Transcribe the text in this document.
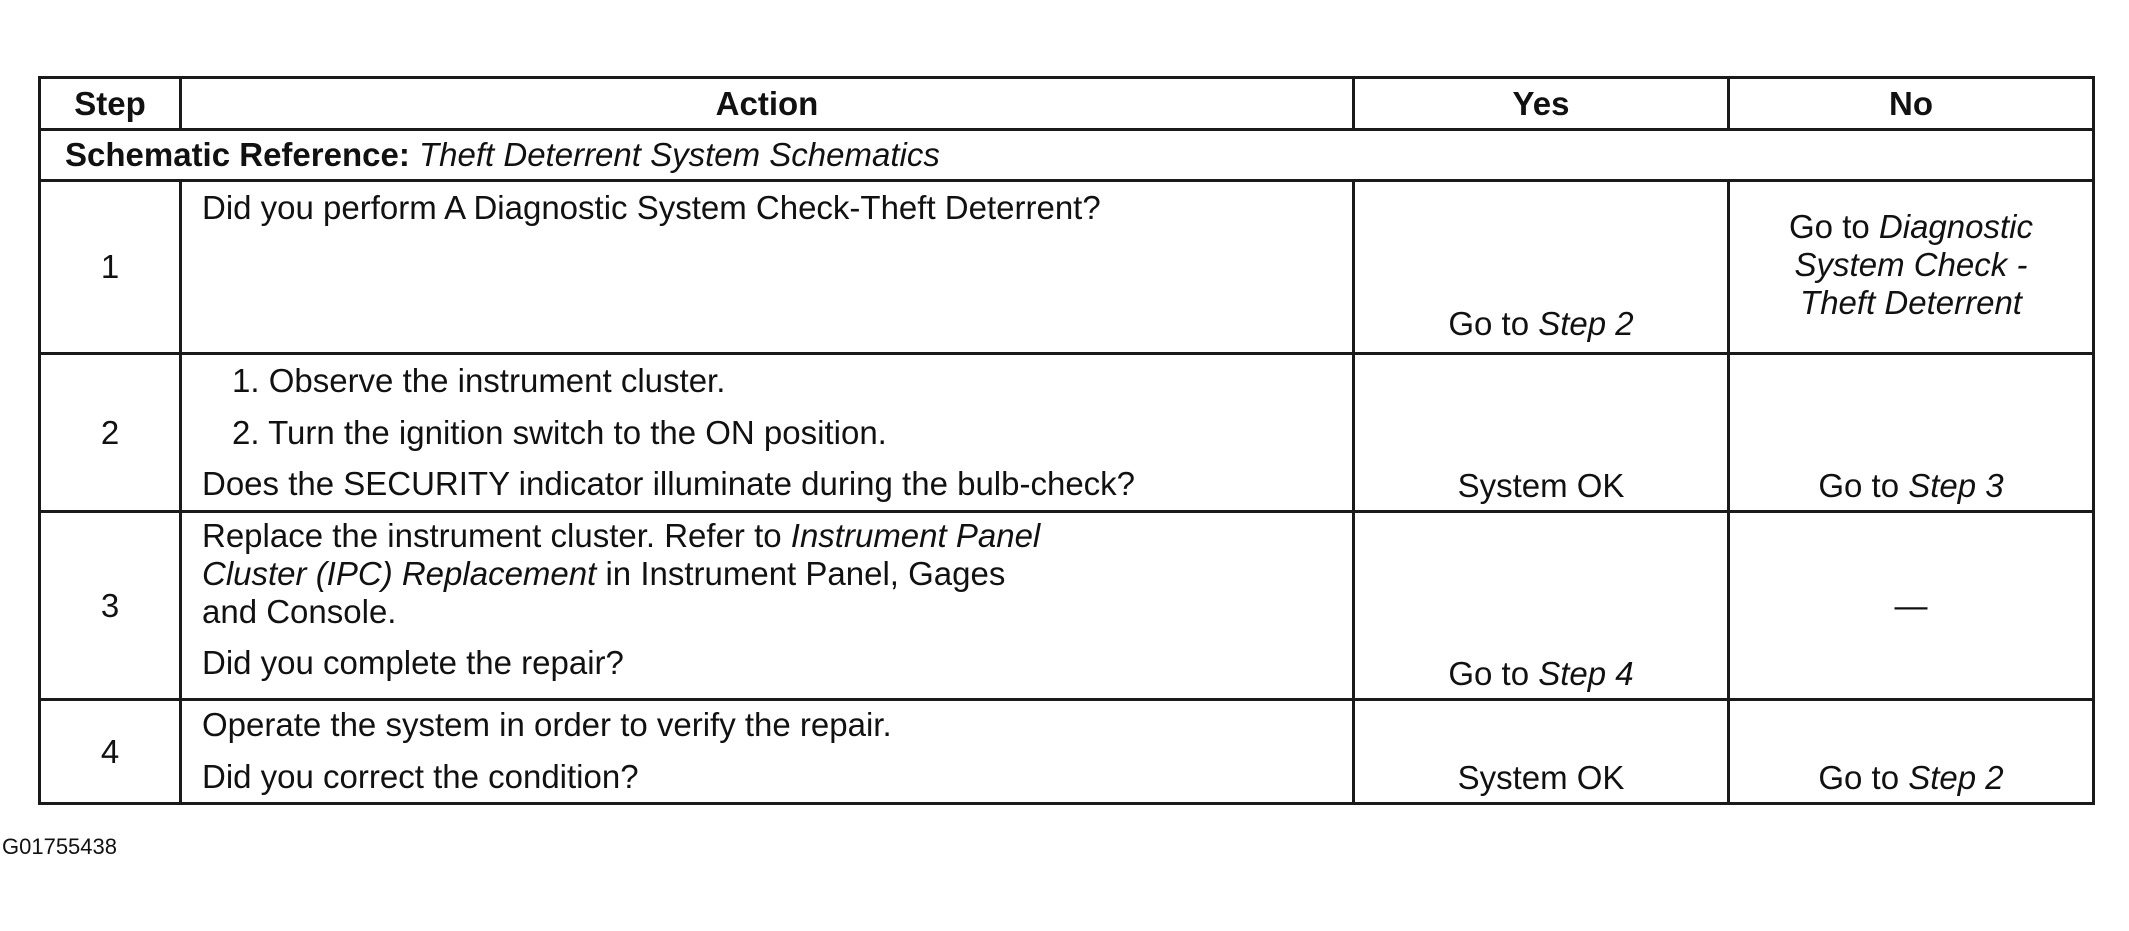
Step	Action	Yes	No
Schematic Reference: Theft Deterrent System Schematics			
1	Did you perform A Diagnostic System Check-Theft Deterrent?	Go to Step 2	Go to Diagnostic
System Check -
Theft Deterrent

2	1. Observe the instrument cluster.
2. Turn the ignition switch to the ON position.
Does the SECURITY indicator illuminate during the bulb-check?	System OK	Go to Step 3

3	Replace the instrument cluster. Refer to Instrument Panel
Cluster (IPC) Replacement in Instrument Panel, Gages
and Console.
Did you complete the repair?	Go to Step 4	—

4	Operate the system in order to verify the repair.
Did you correct the condition?	System OK	Go to Step 2
G01755438
